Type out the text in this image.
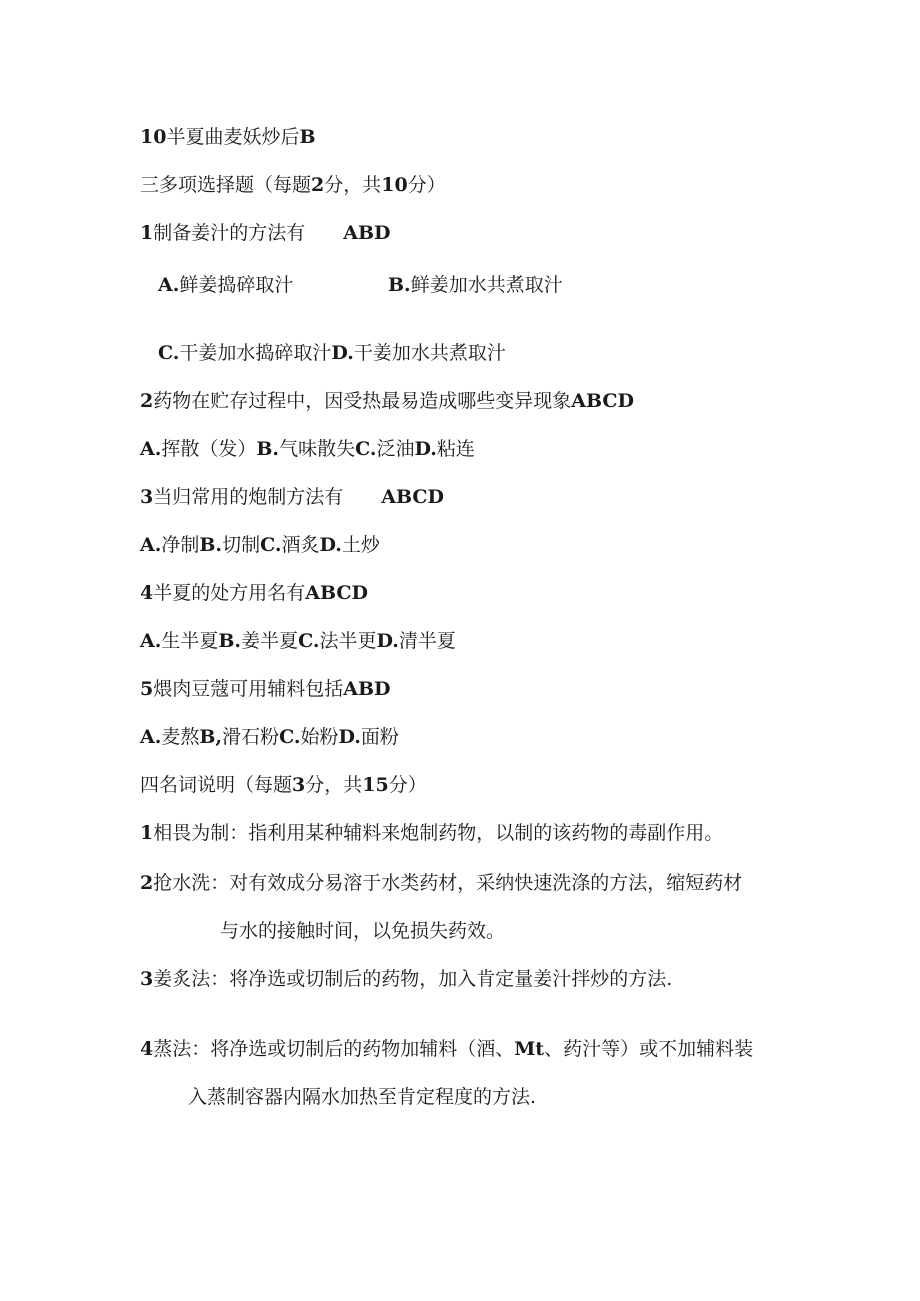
10半夏曲麦妖炒后B
三多项选择题（每题2分，共10分）
1制备姜汁的方法有 ABD
A.鲜姜捣碎取汁	B.鲜姜加水共煮取汁
C.干姜加水捣碎取汁D.干姜加水共煮取汁
2药物在贮存过程中，因受热最易造成哪些变异现象ABCD
A.挥散（发）B.气味散失C.泛油D.粘连
3当归常用的炮制方法有 ABCD
A.净制B.切制C.酒炙D.土炒
4半夏的处方用名有ABCD
A.生半夏B.姜半夏C.法半更D.清半夏
5煨肉豆蔻可用辅料包括ABD
A.麦熬B,滑石粉C.始粉D.面粉
四名词说明（每题3分，共15分）
1相畏为制：指利用某种辅料来炮制药物，以制的该药物的毒副作用。
2抢水洗：对有效成分易溶于水类药材，采纳快速洗涤的方法，缩短药材
与水的接触时间，以免损失药效。
3姜炙法：将净选或切制后的药物，加入肯定量姜汁拌炒的方法.
4蒸法：将净选或切制后的药物加辅料（酒、Mt、药汁等）或不加辅料装
入蒸制容器内隔水加热至肯定程度的方法.
